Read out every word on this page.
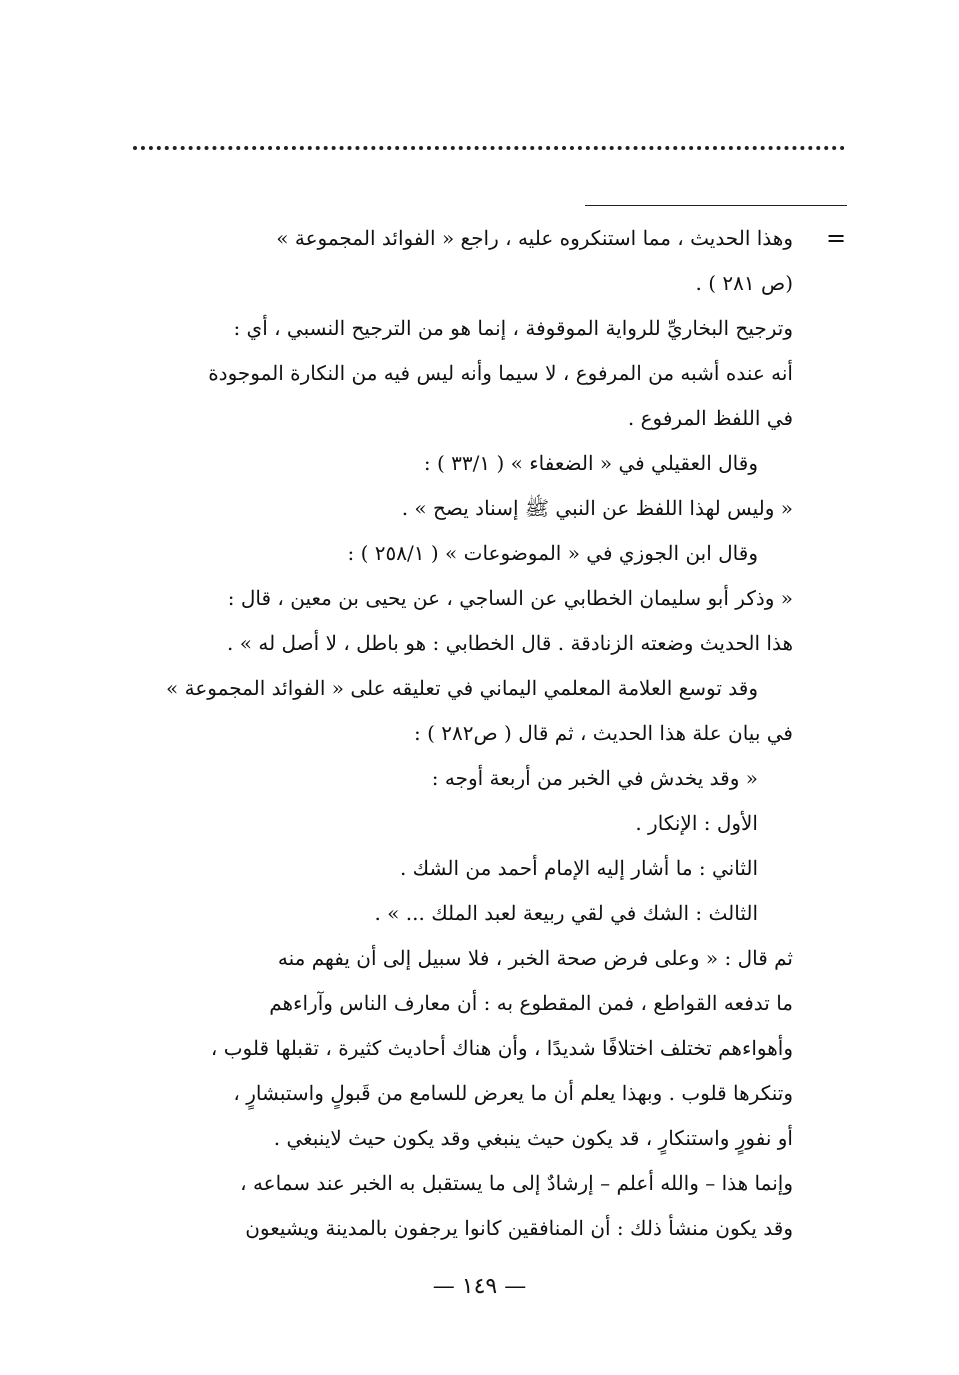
=
وهذا الحديث ، مما استنكروه عليه ، راجع « الفوائد المجموعة »
(ص ٢٨١ ) .
وترجيح البخاريِّ للرواية الموقوفة ، إنما هو من الترجيح النسبي ، أي :
أنه عنده أشبه من المرفوع ، لا سيما وأنه ليس فيه من النكارة الموجودة
في اللفظ المرفوع .
وقال العقيلي في « الضعفاء » ( ٣٣/١ ) :
« وليس لهذا اللفظ عن النبي ﷺ إسناد يصح » .
وقال ابن الجوزي في « الموضوعات » ( ٢٥٨/١ ) :
« وذكر أبو سليمان الخطابي عن الساجي ، عن يحيى بن معين ، قال :
هذا الحديث وضعته الزنادقة . قال الخطابي : هو باطل ، لا أصل له » .
وقد توسع العلامة المعلمي اليماني في تعليقه على « الفوائد المجموعة »
في بيان علة هذا الحديث ، ثم قال ( ص٢٨٢ ) :
« وقد يخدش في الخبر من أربعة أوجه :
الأول : الإنكار .
الثاني : ما أشار إليه الإمام أحمد من الشك .
الثالث : الشك في لقي ربيعة لعبد الملك ... » .
ثم قال : « وعلى فرض صحة الخبر ، فلا سبيل إلى أن يفهم منه
ما تدفعه القواطع ، فمن المقطوع به : أن معارف الناس وآراءهم
وأهواءهم تختلف اختلافًا شديدًا ، وأن هناك أحاديث كثيرة ، تقبلها قلوب ،
وتنكرها قلوب . وبهذا يعلم أن ما يعرض للسامع من قَبولٍ واستبشارٍ ،
أو نفورٍ واستنكارٍ ، قد يكون حيث ينبغي وقد يكون حيث لاينبغي .
وإنما هذا – والله أعلم – إرشادٌ إلى ما يستقبل به الخبر عند سماعه ،
وقد يكون منشأ ذلك : أن المنافقين كانوا يرجفون بالمدينة ويشيعون
— ١٤٩ —
